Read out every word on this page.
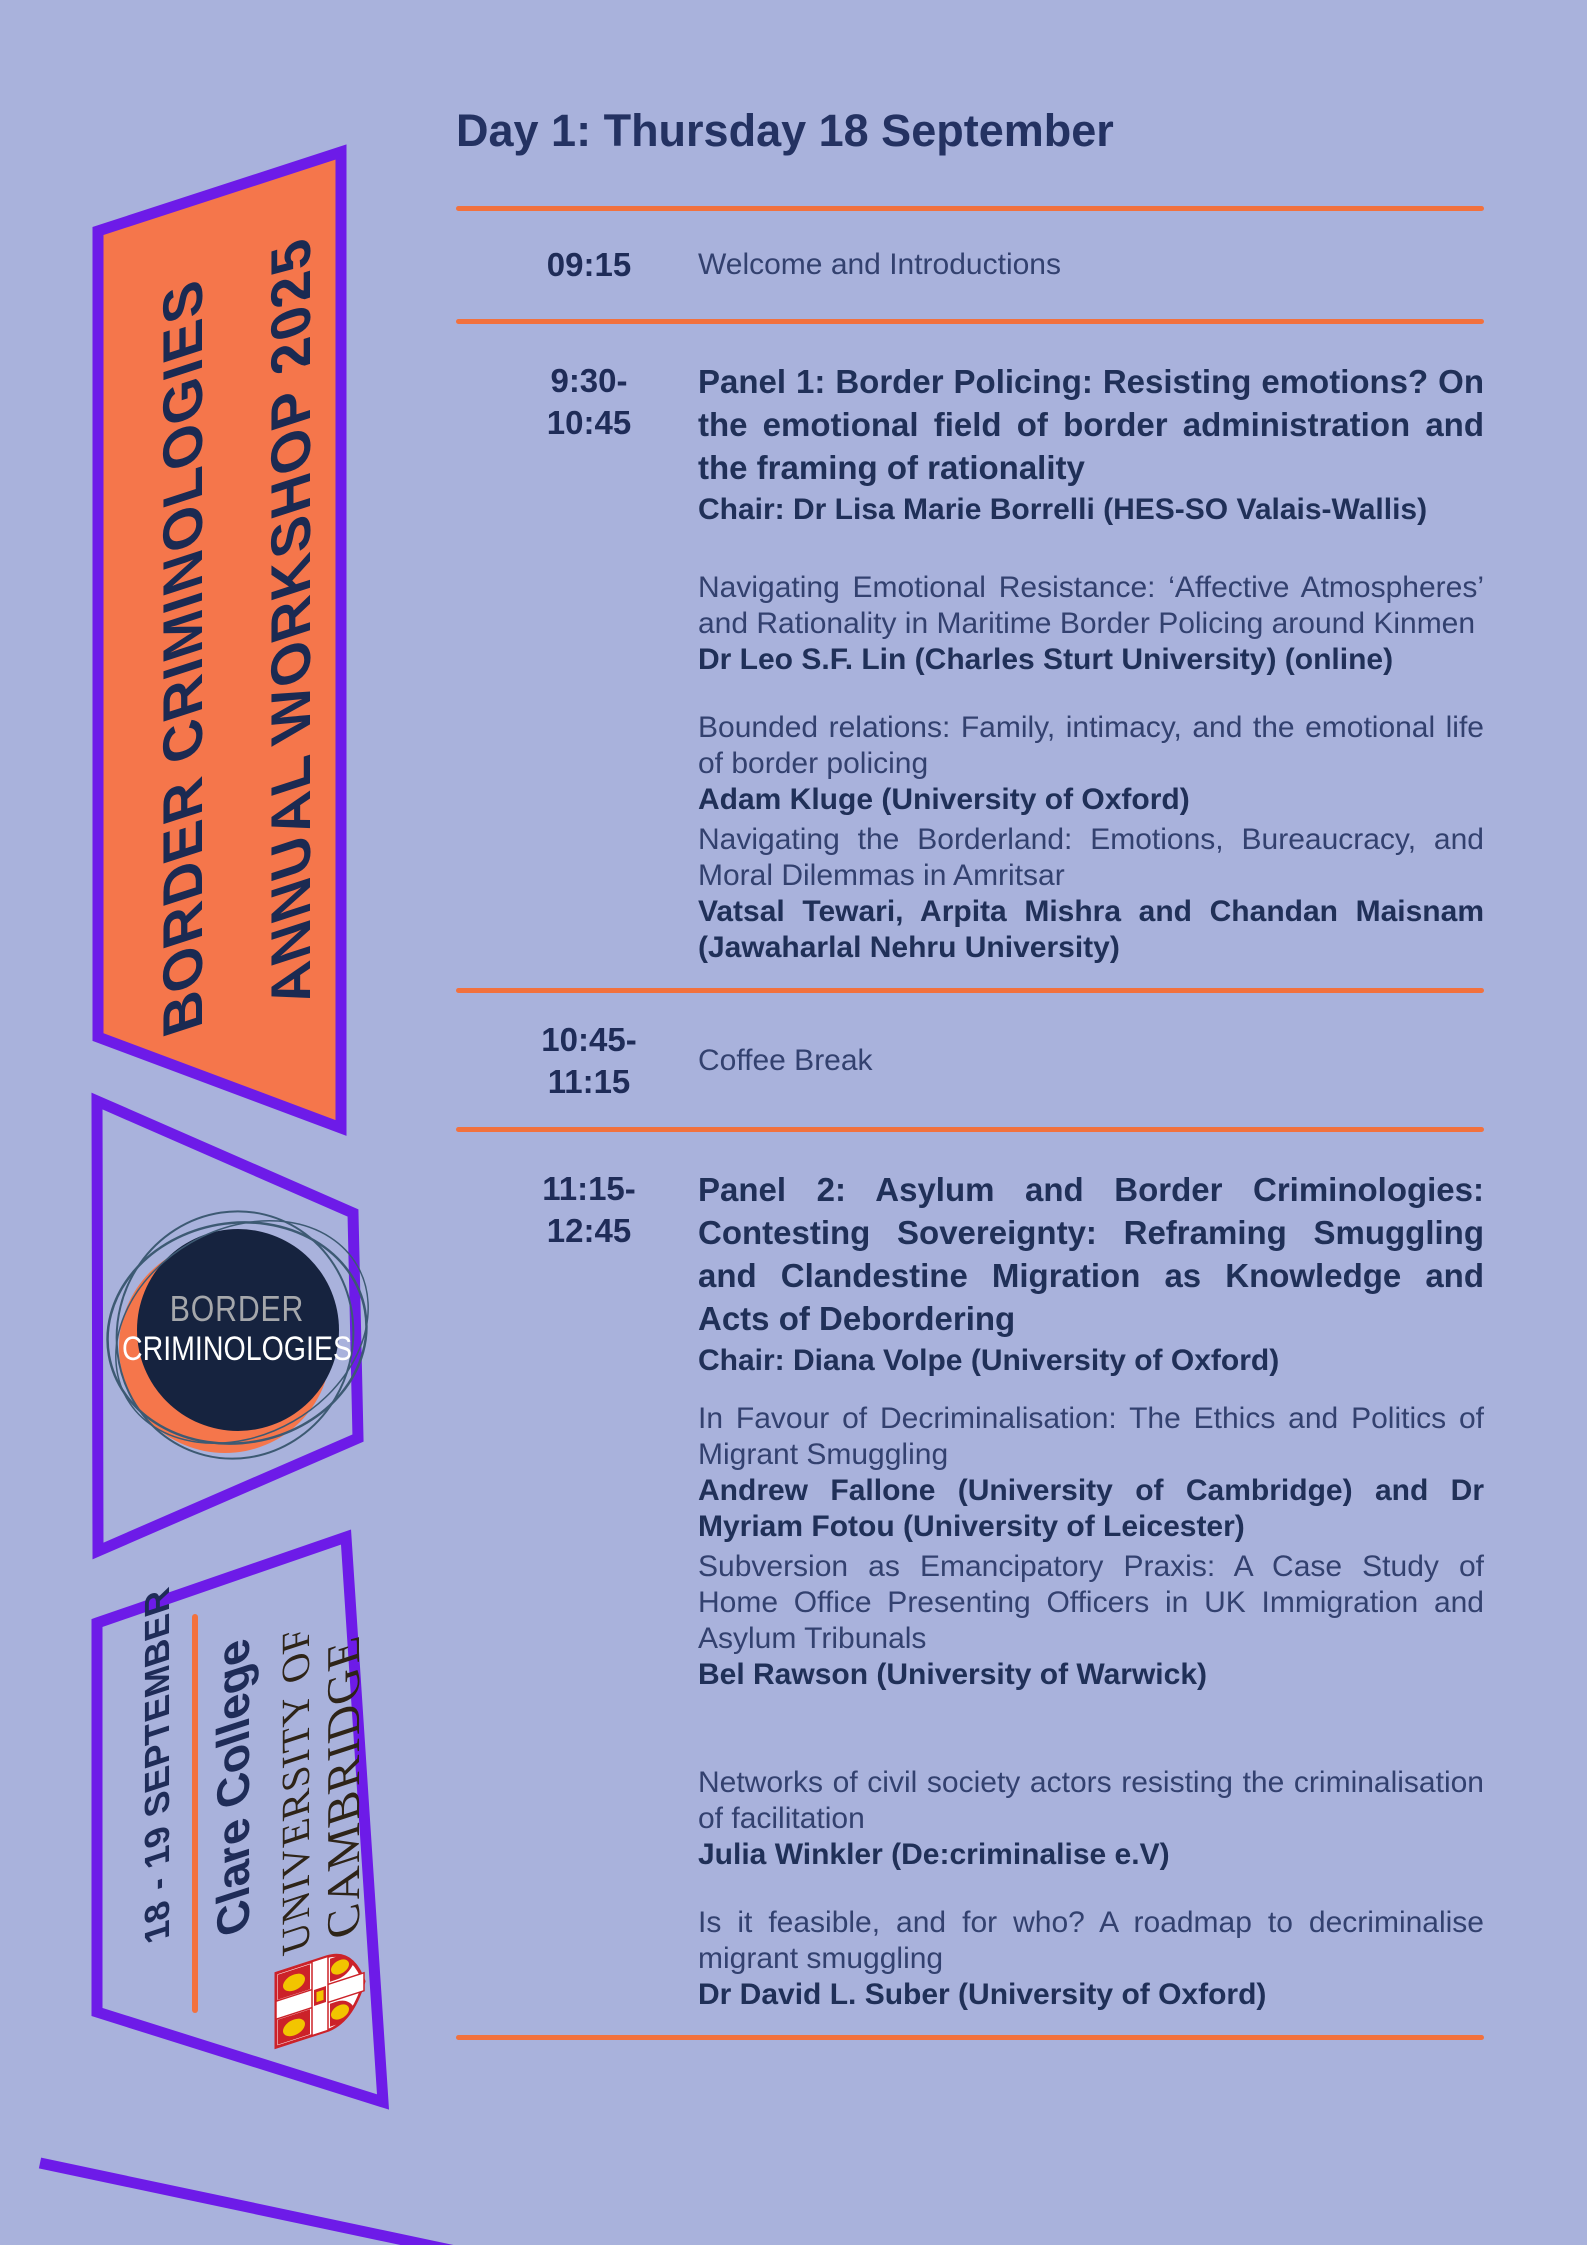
BORDER CRIMINOLOGIES ANNUAL WORKSHOP 2025
BORDER
CRIMINOLOGIES
18 - 19 SEPTEMBER Clare College UNIVERSITY OF CAMBRIDGE
Day 1: Thursday 18 September
09:15	Welcome and Introductions
9:30-
10:45

Panel 1: Border Policing: Resisting emotions? On the emotional field of border administration and the framing of rationality

Chair: Dr Lisa Marie Borrelli (HES-SO Valais-Wallis)

Navigating Emotional Resistance: ‘Affective Atmospheres’ and Rationality in Maritime Border Policing around Kinmen

Dr Leo S.F. Lin (Charles Sturt University) (online)

Bounded relations: Family, intimacy, and the emotional life of border policing

Adam Kluge (University of Oxford)

Navigating the Borderland: Emotions, Bureaucracy, and Moral Dilemmas in Amritsar

Vatsal Tewari, Arpita Mishra and Chandan Maisnam (Jawaharlal Nehru University)

10:45-
11:15
Coffee Break
11:15-
12:45

Panel 2: Asylum and Border Criminologies: Contesting Sovereignty: Reframing Smuggling and Clandestine Migration as Knowledge and Acts of Debordering

Chair: Diana Volpe (University of Oxford)

In Favour of Decriminalisation: The Ethics and Politics of Migrant Smuggling

Andrew Fallone (University of Cambridge) and Dr Myriam Fotou (University of Leicester)

Subversion as Emancipatory Praxis: A Case Study of Home Office Presenting Officers in UK Immigration and Asylum Tribunals

Bel Rawson (University of Warwick)

Networks of civil society actors resisting the criminalisation of facilitation

Julia Winkler (De:criminalise e.V)

Is it feasible, and for who? A roadmap to decriminalise migrant smuggling

Dr David L. Suber (University of Oxford)
